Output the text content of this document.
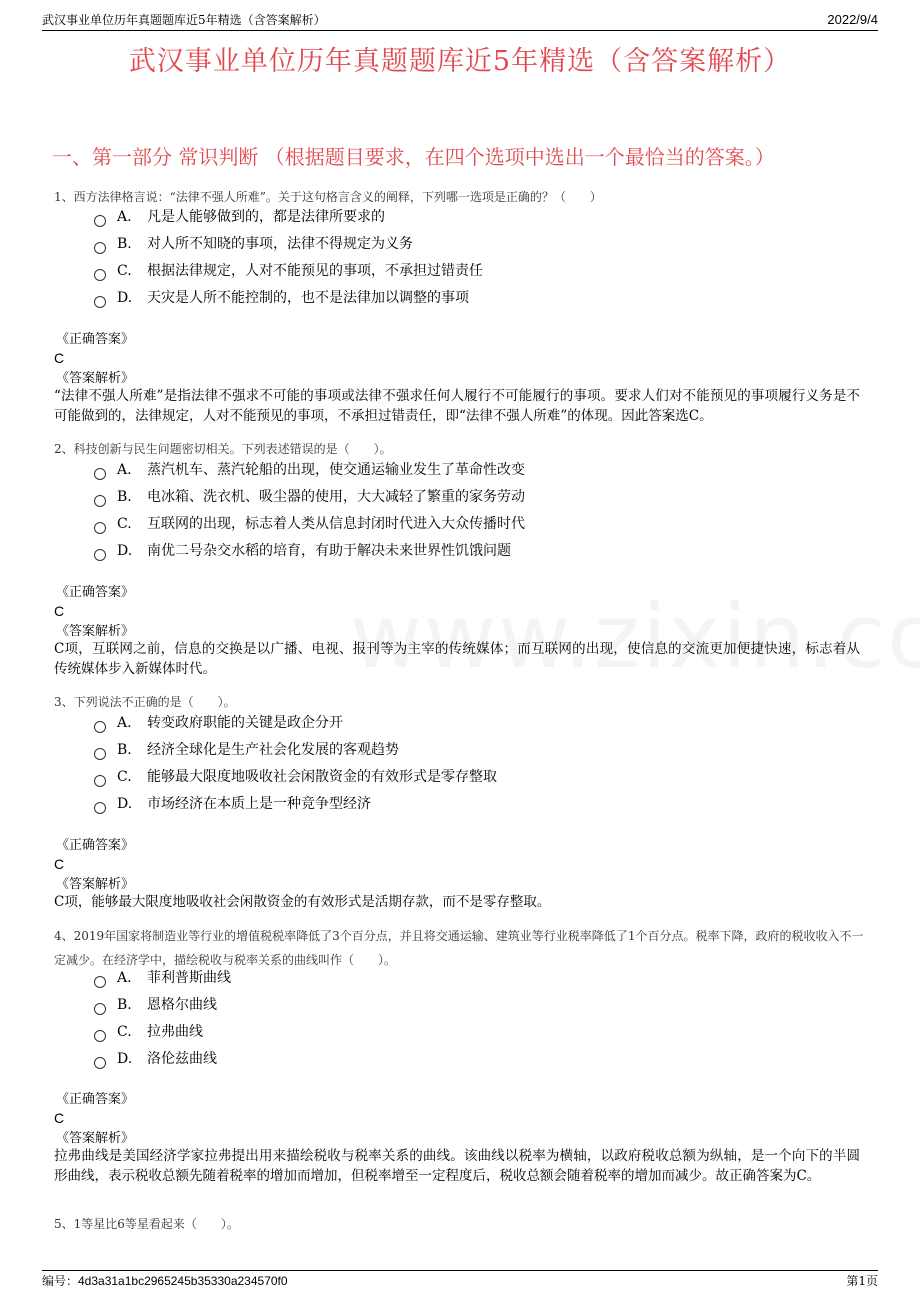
武汉事业单位历年真题题库近5年精选（含答案解析）	2022/9/4
武汉事业单位历年真题题库近5年精选（含答案解析）
一、第一部分 常识判断 （根据题目要求，在四个选项中选出一个最恰当的答案。）
1、西方法律格言说：“法律不强人所难”。关于这句格言含义的阐释，下列哪一选项是正确的？（　　）
A.	凡是人能够做到的，都是法律所要求的
B.	对人所不知晓的事项，法律不得规定为义务
C.	根据法律规定，人对不能预见的事项，不承担过错责任
D.	天灾是人所不能控制的，也不是法律加以调整的事项
《正确答案》
C
《答案解析》
“法律不强人所难”是指法律不强求不可能的事项或法律不强求任何人履行不可能履行的事项。要求人们对不能预见的事项履行义务是不可能做到的，法律规定，人对不能预见的事项，不承担过错责任，即“法律不强人所难”的体现。因此答案选C。
2、科技创新与民生问题密切相关。下列表述错误的是（　　）。
A.	蒸汽机车、蒸汽轮船的出现，使交通运输业发生了革命性改变
B.	电冰箱、洗衣机、吸尘器的使用，大大减轻了繁重的家务劳动
C.	互联网的出现，标志着人类从信息封闭时代进入大众传播时代
D.	南优二号杂交水稻的培育，有助于解决未来世界性饥饿问题
《正确答案》
C
《答案解析》
C项，互联网之前，信息的交换是以广播、电视、报刊等为主宰的传统媒体；而互联网的出现，使信息的交流更加便捷快速，标志着从传统媒体步入新媒体时代。
3、下列说法不正确的是（　　）。
A.	转变政府职能的关键是政企分开
B.	经济全球化是生产社会化发展的客观趋势
C.	能够最大限度地吸收社会闲散资金的有效形式是零存整取
D.	市场经济在本质上是一种竞争型经济
《正确答案》
C
《答案解析》
C项，能够最大限度地吸收社会闲散资金的有效形式是活期存款，而不是零存整取。
4、2019年国家将制造业等行业的增值税税率降低了3个百分点，并且将交通运输、建筑业等行业税率降低了1个百分点。税率下降，政府的税收收入不一定减少。在经济学中，描绘税收与税率关系的曲线叫作（　　）。
A.	菲利普斯曲线
B.	恩格尔曲线
C.	拉弗曲线
D.	洛伦兹曲线
《正确答案》
C
《答案解析》
拉弗曲线是美国经济学家拉弗提出用来描绘税收与税率关系的曲线。该曲线以税率为横轴，以政府税收总额为纵轴，是一个向下的半圆形曲线，表示税收总额先随着税率的增加而增加，但税率增至一定程度后，税收总额会随着税率的增加而减少。故正确答案为C。
5、1等星比6等星看起来（　　）。
编号：4d3a31a1bc2965245b35330a234570f0	第1页
